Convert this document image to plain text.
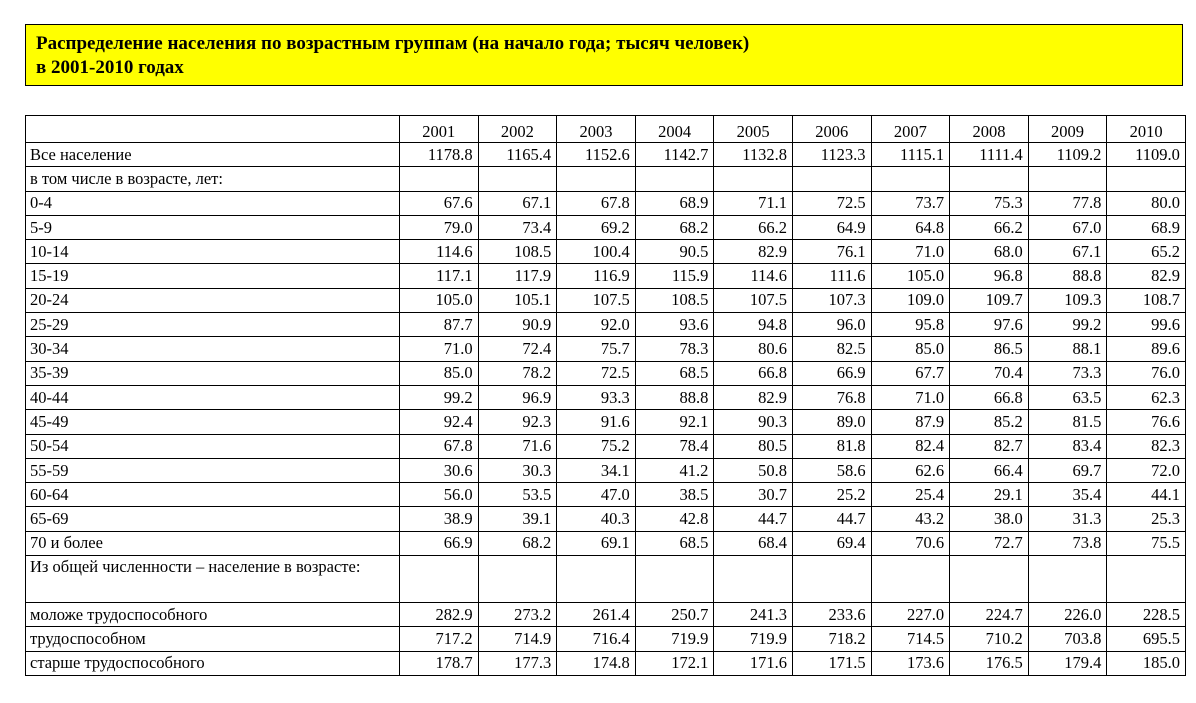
Распределение населения по возрастным группам (на начало года; тысяч человек)
в 2001-2010 годах
	2001	2002	2003	2004	2005	2006	2007	2008	2009	2010
Все население	1178.8	1165.4	1152.6	1142.7	1132.8	1123.3	1115.1	1111.4	1109.2	1109.0
в том числе в возрасте, лет:										
0-4	67.6	67.1	67.8	68.9	71.1	72.5	73.7	75.3	77.8	80.0
5-9	79.0	73.4	69.2	68.2	66.2	64.9	64.8	66.2	67.0	68.9
10-14	114.6	108.5	100.4	90.5	82.9	76.1	71.0	68.0	67.1	65.2
15-19	117.1	117.9	116.9	115.9	114.6	111.6	105.0	96.8	88.8	82.9
20-24	105.0	105.1	107.5	108.5	107.5	107.3	109.0	109.7	109.3	108.7
25-29	87.7	90.9	92.0	93.6	94.8	96.0	95.8	97.6	99.2	99.6
30-34	71.0	72.4	75.7	78.3	80.6	82.5	85.0	86.5	88.1	89.6
35-39	85.0	78.2	72.5	68.5	66.8	66.9	67.7	70.4	73.3	76.0
40-44	99.2	96.9	93.3	88.8	82.9	76.8	71.0	66.8	63.5	62.3
45-49	92.4	92.3	91.6	92.1	90.3	89.0	87.9	85.2	81.5	76.6
50-54	67.8	71.6	75.2	78.4	80.5	81.8	82.4	82.7	83.4	82.3
55-59	30.6	30.3	34.1	41.2	50.8	58.6	62.6	66.4	69.7	72.0
60-64	56.0	53.5	47.0	38.5	30.7	25.2	25.4	29.1	35.4	44.1
65-69	38.9	39.1	40.3	42.8	44.7	44.7	43.2	38.0	31.3	25.3
70 и более	66.9	68.2	69.1	68.5	68.4	69.4	70.6	72.7	73.8	75.5
Из общей численности – население в возрасте:										
моложе трудоспособного	282.9	273.2	261.4	250.7	241.3	233.6	227.0	224.7	226.0	228.5
трудоспособном	717.2	714.9	716.4	719.9	719.9	718.2	714.5	710.2	703.8	695.5
старше трудоспособного	178.7	177.3	174.8	172.1	171.6	171.5	173.6	176.5	179.4	185.0
